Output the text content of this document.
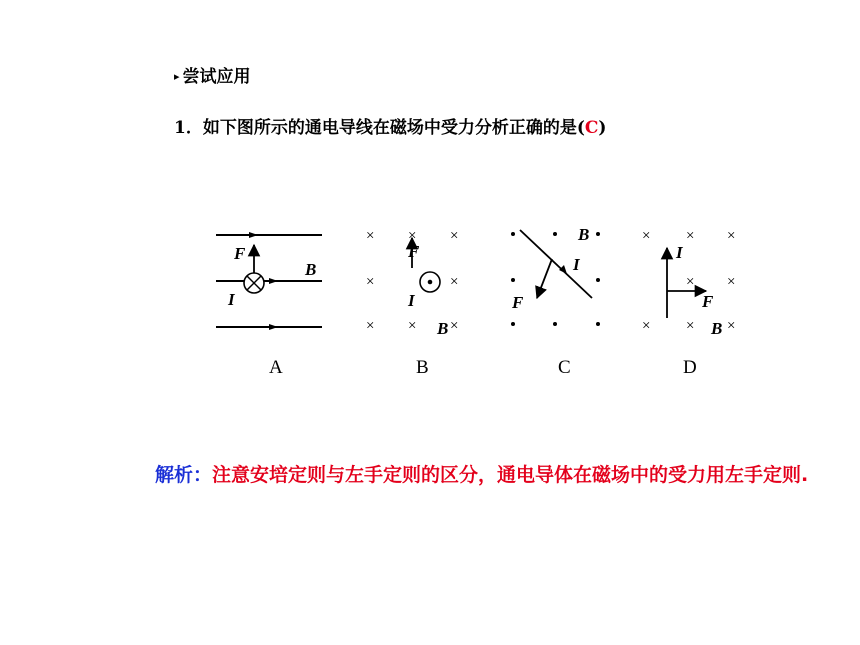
▸ 尝试应用
1．如下图所示的通电导线在磁场中受力分析正确的是(C)
F
I
B
A
× × ×
×	×
× × ×
F
I
B
B
B
I
F
C
× × ×
× ×
× × ×
I
F
B
D
解析：注意安培定则与左手定则的区分，通电导体在磁场中的受力用左手定则.
